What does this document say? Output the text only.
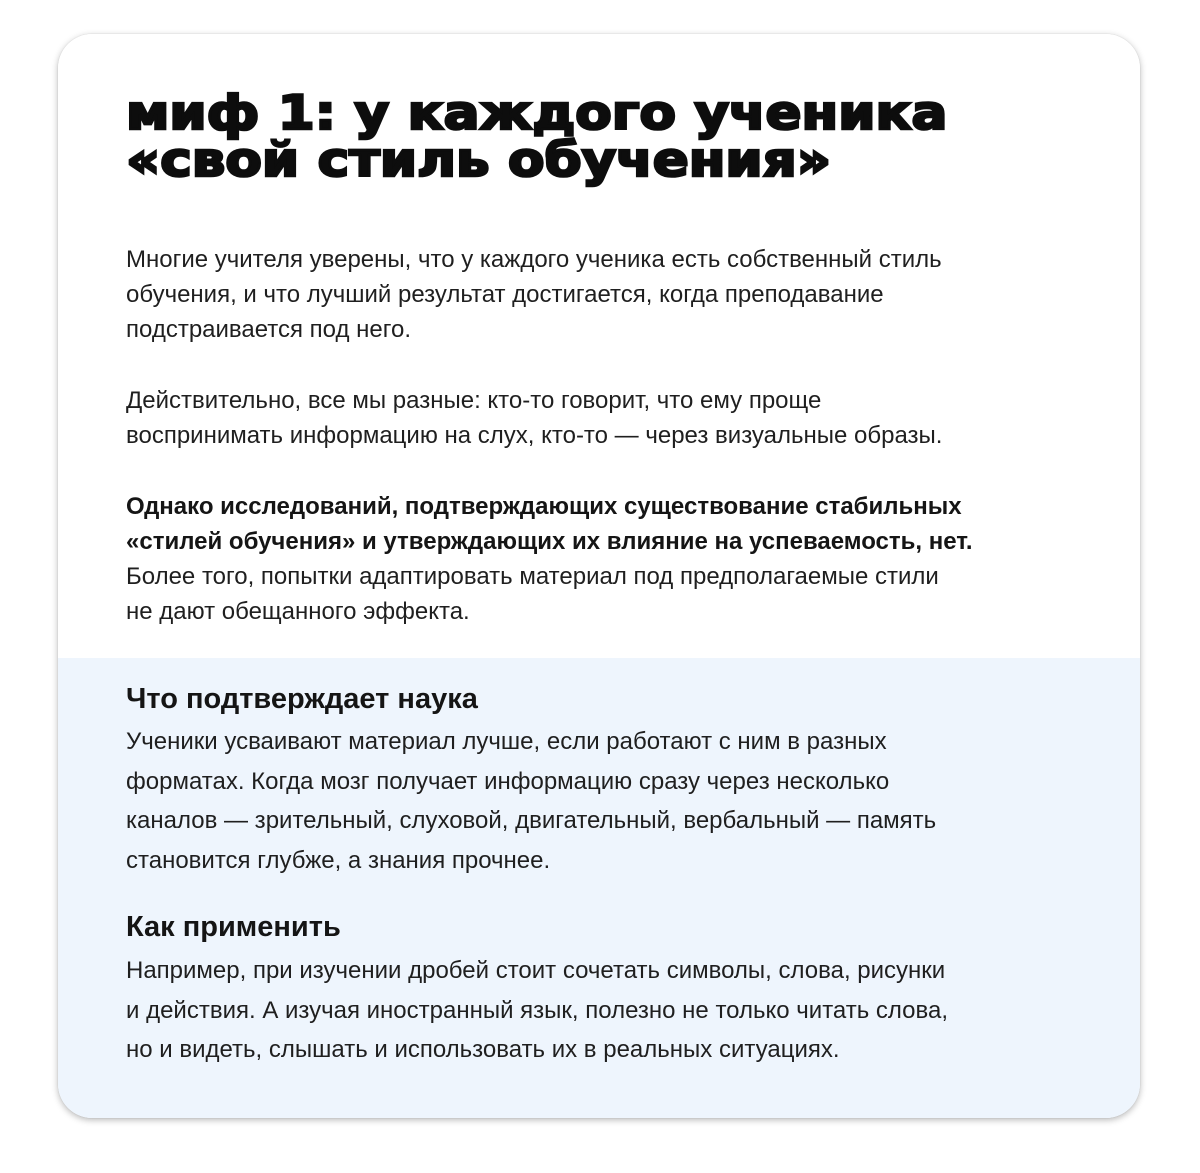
миф 1: у каждого ученика
«свой стиль обучения»

Многие учителя уверены, что у каждого ученика есть собственный стиль
обучения, и что лучший результат достигается, когда преподавание
подстраивается под него.

Действительно, все мы разные: кто-то говорит, что ему проще
воспринимать информацию на слух, кто-то — через визуальные образы.

Однако исследований, подтверждающих существование стабильных
«стилей обучения» и утверждающих их влияние на успеваемость, нет.
Более того, попытки адаптировать материал под предполагаемые стили
не дают обещанного эффекта.

Что подтверждает наука

Ученики усваивают материал лучше, если работают с ним в разных
форматах. Когда мозг получает информацию сразу через несколько
каналов — зрительный, слуховой, двигательный, вербальный — память
становится глубже, а знания прочнее.

Как применить

Например, при изучении дробей стоит сочетать символы, слова, рисунки
и действия. А изучая иностранный язык, полезно не только читать слова,
но и видеть, слышать и использовать их в реальных ситуациях.
